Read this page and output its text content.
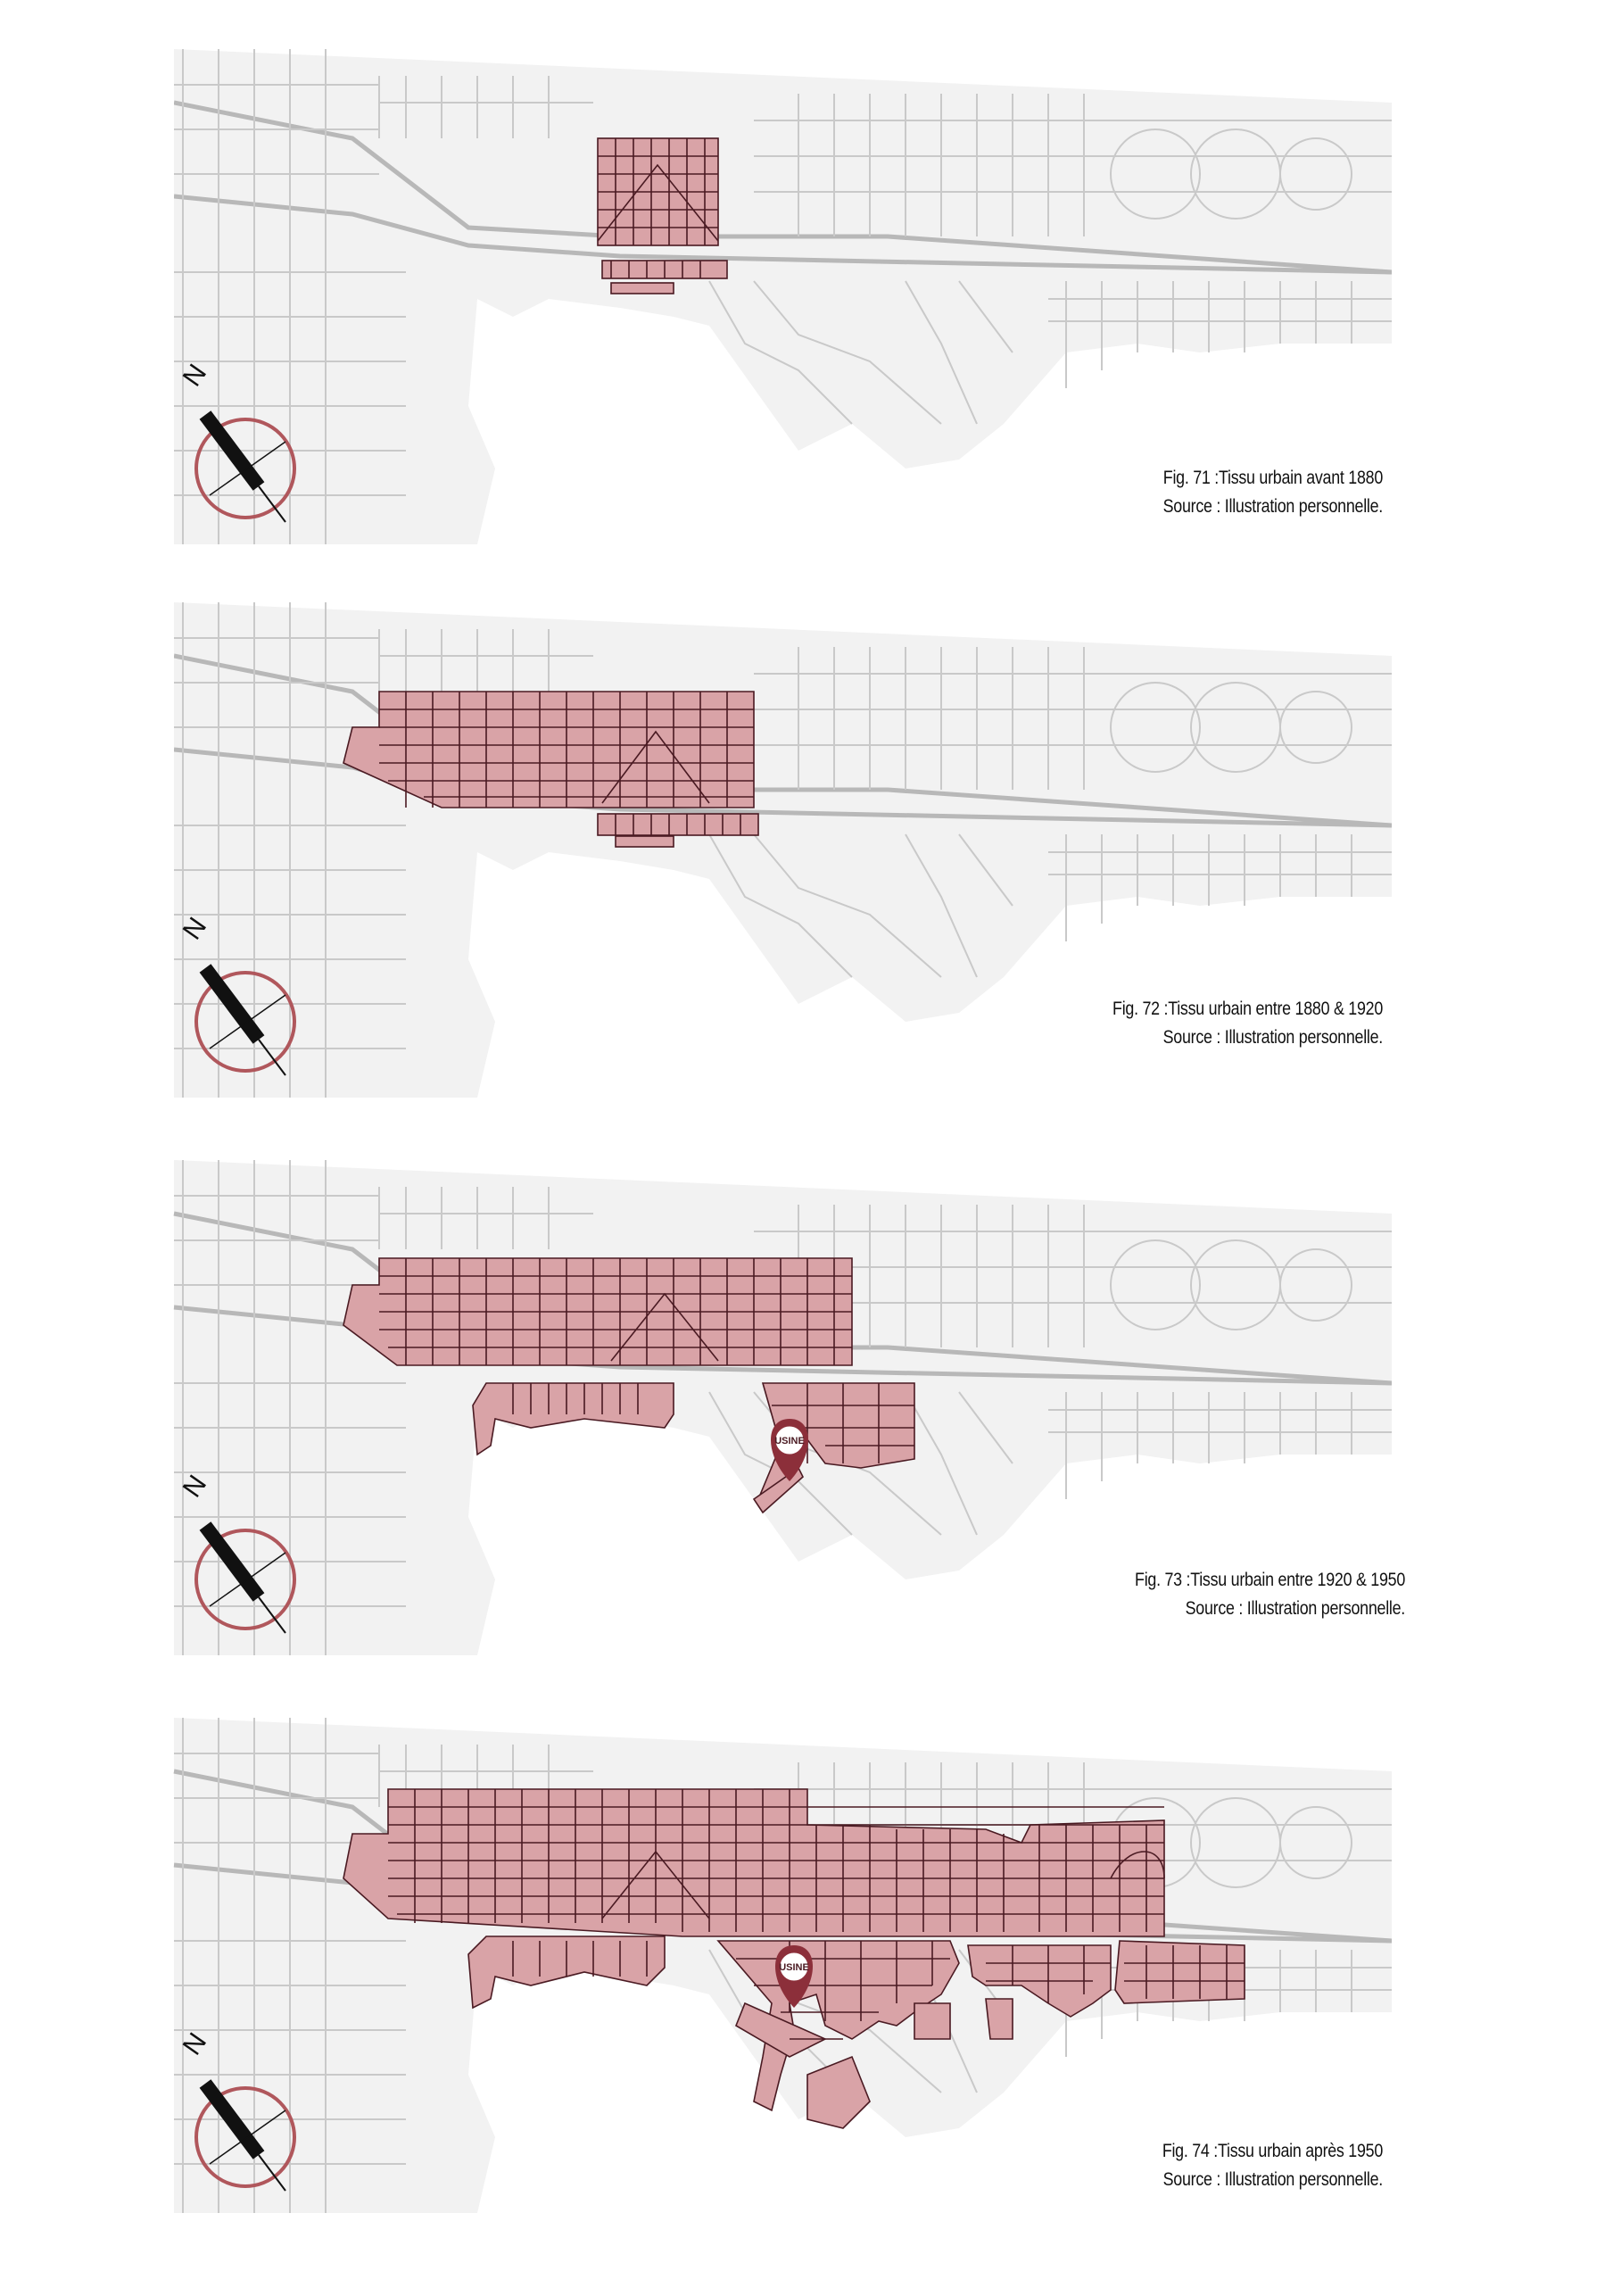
Fig. 71 :Tissu urbain avant 1880
Source : Illustration personnelle.
Fig. 72 :Tissu urbain entre 1880 & 1920
Source : Illustration personnelle.
USINE
Fig. 73 :Tissu urbain entre 1920 & 1950
Source : Illustration personnelle.
USINE
Fig. 74 :Tissu urbain après 1950
Source : Illustration personnelle.
